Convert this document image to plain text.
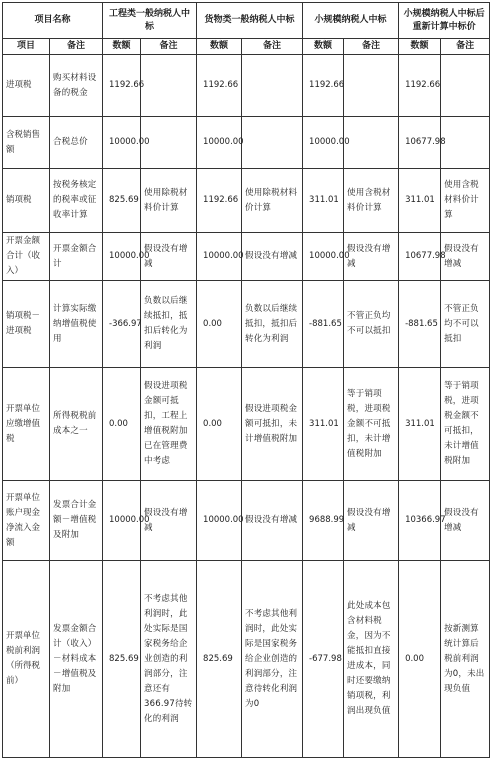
项目名称		工程类一般纳税人中标		货物类一般纳税人中标		小规模纳税人中标		小规模纳税人中标后重新计算中标价	
项目	备注	数额	备注	数额	备注	数额	备注	数额	备注
进项税	购买材料设备的税金	1192.66		1192.66		1192.66		1192.66	
含税销售额	合税总价	10000.00		10000.00		10000.00		10677.98	
销项税	按税务核定的税率或征收率计算	825.69	使用除税材料价计算	1192.66	使用除税材料价计算	311.01	使用含税材料价计算	311.01	使用含税材料价计算
开票金额合计（收入）	开票金额合计	10000.00	假设没有增减	10000.00	假设没有增减	10000.00	假设没有增减	10677.98	假设没有增减
销项税－进项税	计算实际缴纳增值税使用	-366.97	负数以后继续抵扣，抵扣后转化为利润	0.00	负数以后继续抵扣，抵扣后转化为利润	-881.65	不管正负均不可以抵扣	-881.65	不管正负均不可以抵扣
开票单位应缴增值税	所得税税前成本之一	0.00	假设进项税金额可抵扣，工程上增值税附加已在管理费中考虑	0.00	假设进项税金额可抵扣，未计增值税附加	311.01	等于销项税，进项税金额不可抵扣，未计增值税附加	311.01	等于销项税，进项税金额不可抵扣，未计增值税附加
开票单位账户现金净流入金额	发票合计金额－增值税及附加	10000.00	假设没有增减	10000.00	假设没有增减	9688.99	假设没有增减	10366.97	假设没有增减
开票单位税前利润（所得税前）	发票金额合计（收入）－材料成本－增值税及附加	825.69	不考虑其他利润时，此处实际是国家税务给企业创造的利润部分，注意还有366.97待转化的利润	825.69	不考虑其他利润时，此处实际是国家税务给企业创造的利润部分，注意待转化利润为0	-677.98	此处成本包含材料税金，因为不能抵扣直接进成本，同时还要缴纳销项税，利润出现负值	0.00	按新测算统计算后税前利润为0，未出现负值
